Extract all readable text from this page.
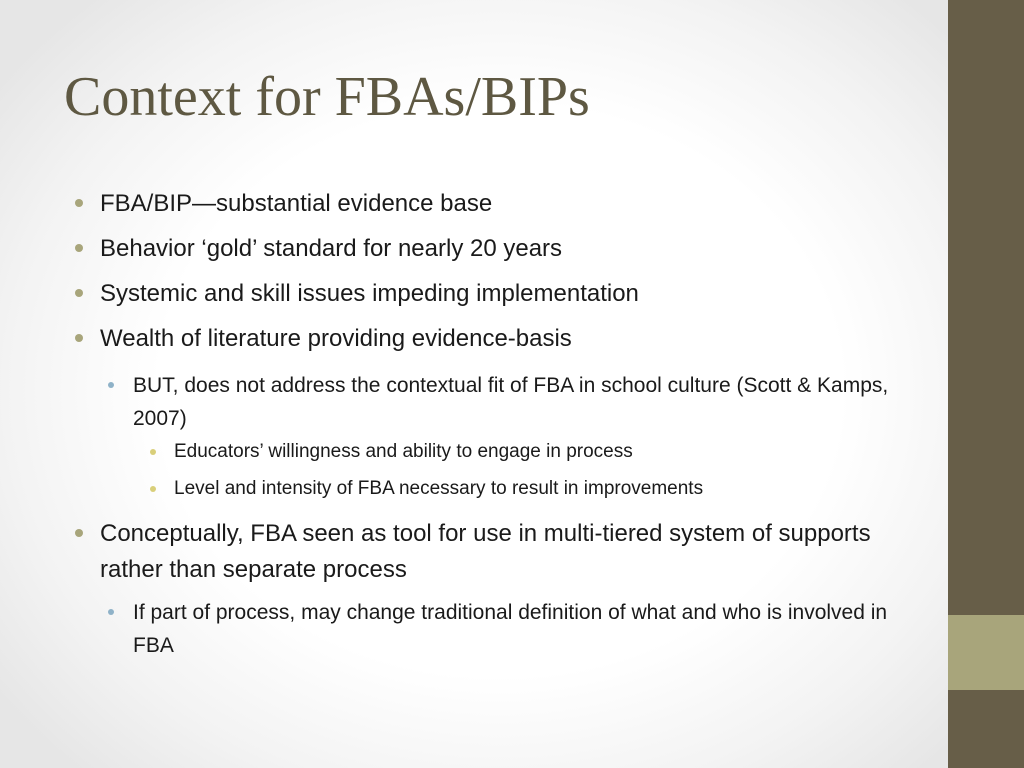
Context for FBAs/BIPs
FBA/BIP—substantial evidence base
Behavior ‘gold’ standard for nearly 20 years
Systemic and skill issues impeding implementation
Wealth of literature providing evidence-basis
BUT, does not address the contextual fit of FBA in school culture (Scott & Kamps, 2007)
Educators’ willingness and ability to engage in process
Level and intensity of FBA necessary to result in improvements
Conceptually, FBA seen as tool for use in multi-tiered system of supports rather than separate process
If part of process, may change traditional definition of what and who is involved in FBA
